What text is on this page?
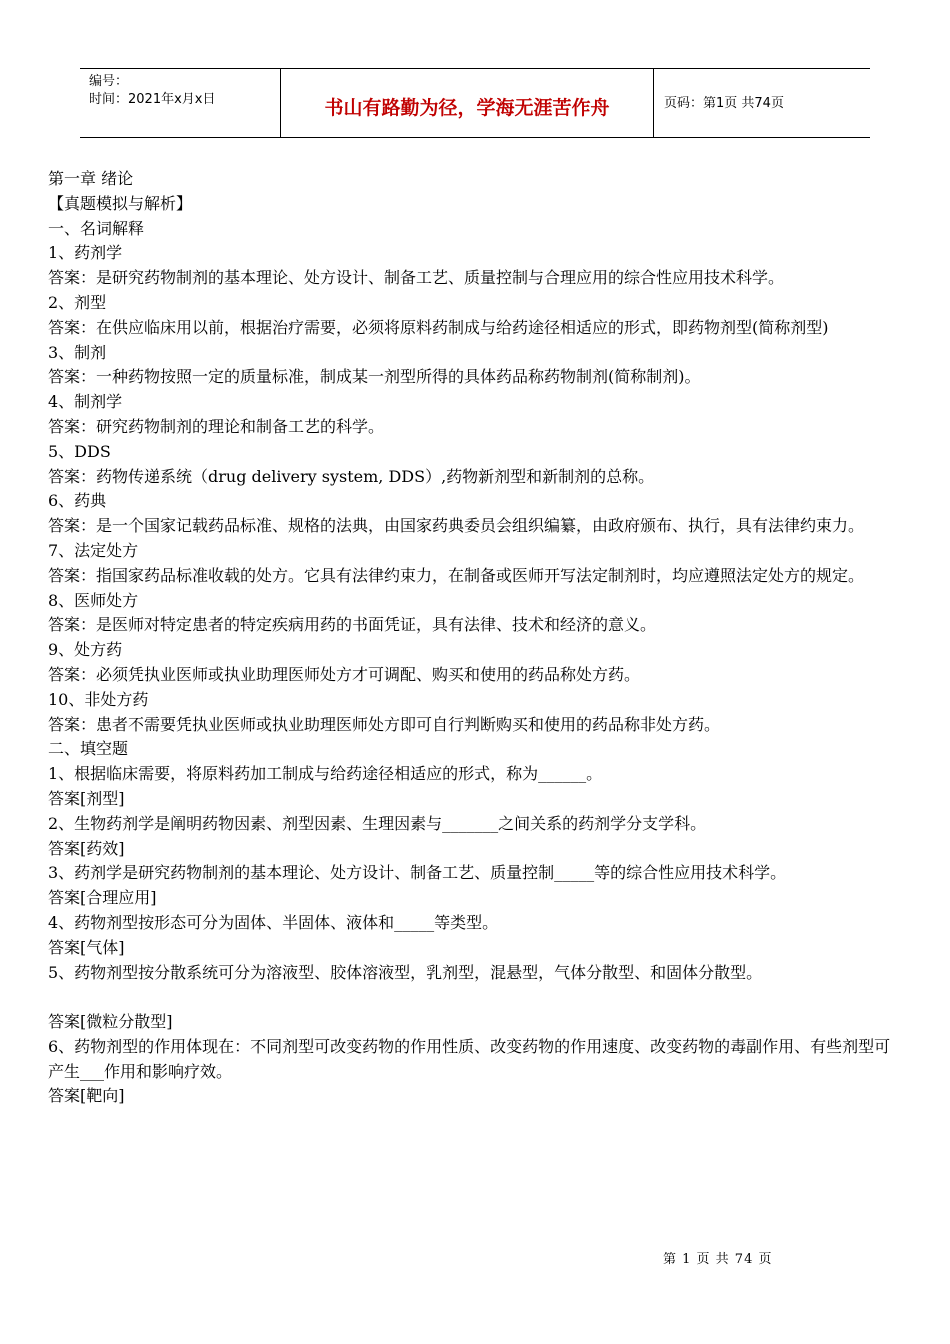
编号：
时间：2021年x月x日	书山有路勤为径，学海无涯苦作舟	页码：第1页 共74页

第一章 绪论

【真题模拟与解析】

一、名词解释

1、药剂学

答案：是研究药物制剂的基本理论、处方设计、制备工艺、质量控制与合理应用的综合性应用技术科学。

2、剂型

答案：在供应临床用以前，根据治疗需要，必须将原料药制成与给药途径相适应的形式，即药物剂型(简称剂型)

3、制剂

答案：一种药物按照一定的质量标准，制成某一剂型所得的具体药品称药物制剂(简称制剂)。

4、制剂学

答案：研究药物制剂的理论和制备工艺的科学。

5、DDS

答案：药物传递系统（drug delivery system, DDS）,药物新剂型和新制剂的总称。

6、药典

答案：是一个国家记载药品标准、规格的法典，由国家药典委员会组织编纂，由政府颁布、执行，具有法律约束力。

7、法定处方

答案：指国家药品标准收载的处方。它具有法律约束力，在制备或医师开写法定制剂时，均应遵照法定处方的规定。

8、医师处方

答案：是医师对特定患者的特定疾病用药的书面凭证，具有法律、技术和经济的意义。

9、处方药

答案：必须凭执业医师或执业助理医师处方才可调配、购买和使用的药品称处方药。

10、非处方药

答案：患者不需要凭执业医师或执业助理医师处方即可自行判断购买和使用的药品称非处方药。

二、填空题

1、根据临床需要，将原料药加工制成与给药途径相适应的形式，称为______。

答案[剂型]

2、生物药剂学是阐明药物因素、剂型因素、生理因素与_______之间关系的药剂学分支学科。

答案[药效]

3、药剂学是研究药物制剂的基本理论、处方设计、制备工艺、质量控制_____等的综合性应用技术科学。

答案[合理应用]

4、药物剂型按形态可分为固体、半固体、液体和_____等类型。

答案[气体]

5、药物剂型按分散系统可分为溶液型、胶体溶液型，乳剂型，混悬型，气体分散型、和固体分散型。

答案[微粒分散型]

6、药物剂型的作用体现在：不同剂型可改变药物的作用性质、改变药物的作用速度、改变药物的毒副作用、有些剂型可产生___作用和影响疗效。

答案[靶向]

第 1 页 共 74 页
